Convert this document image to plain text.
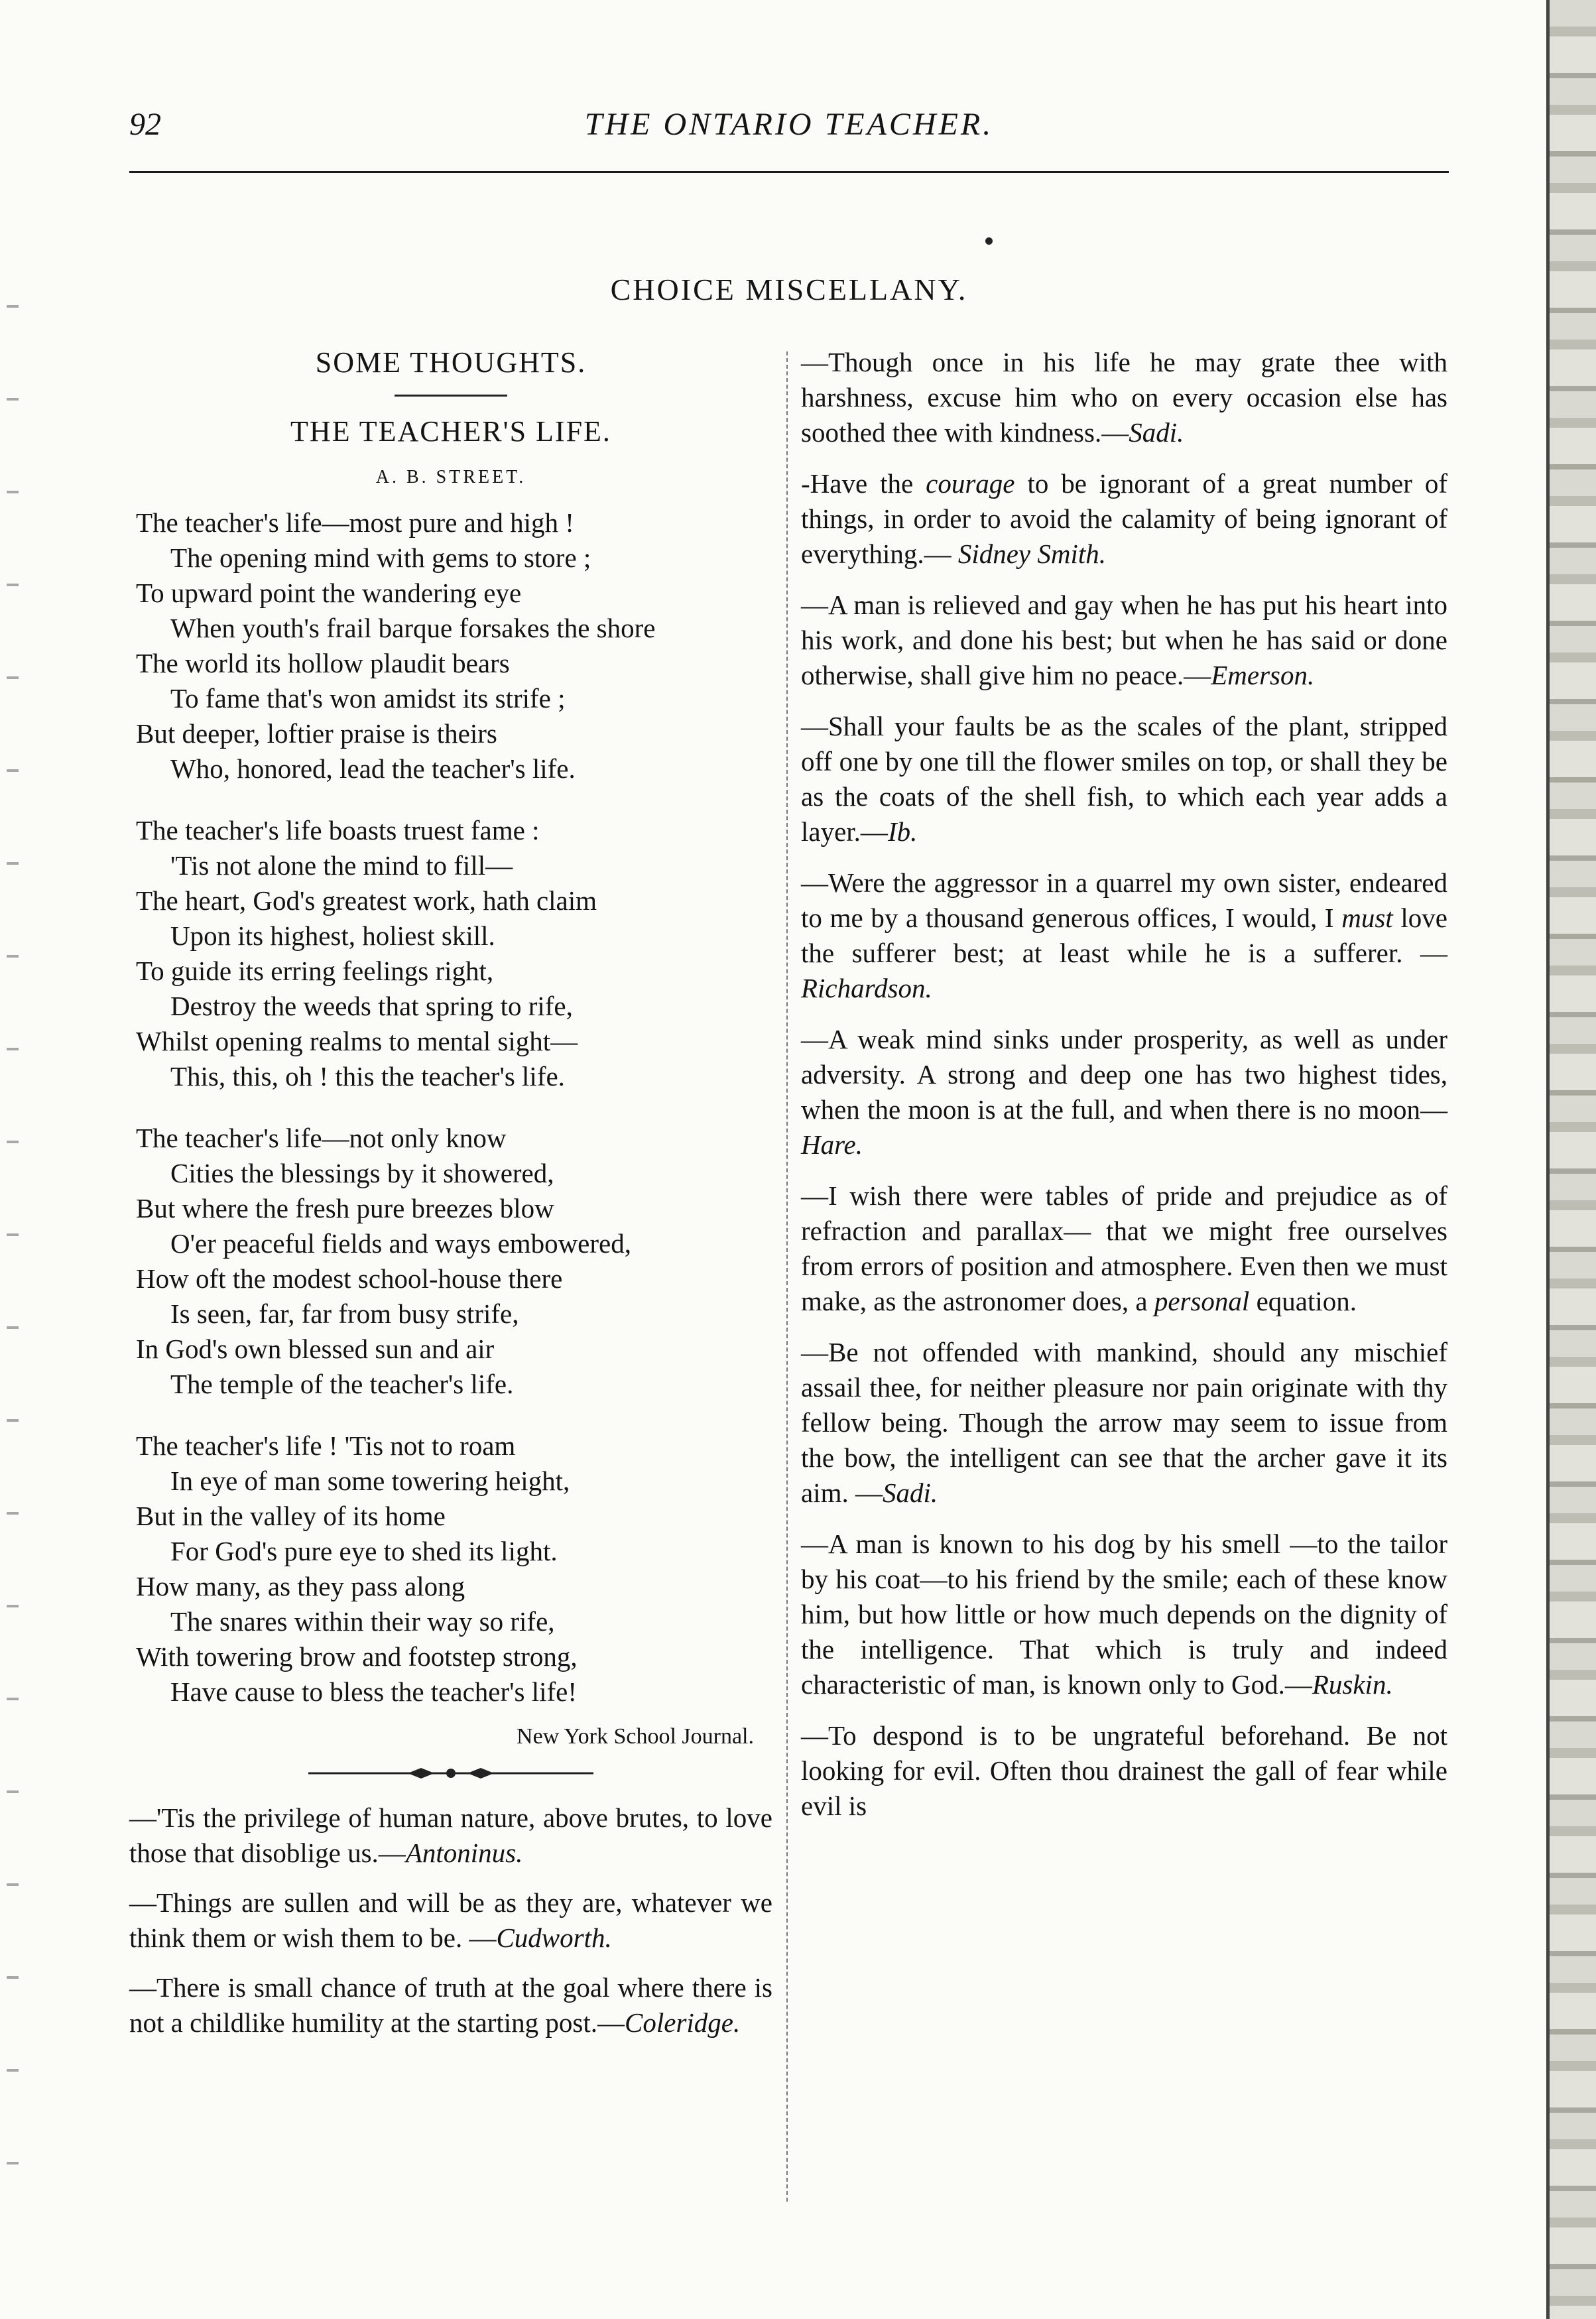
92	THE ONTARIO TEACHER.
CHOICE MISCELLANY.

SOME THOUGHTS.

THE TEACHER'S LIFE.

A. B. STREET.

The teacher's life—most pure and high !
The opening mind with gems to store ;
To upward point the wandering eye
When youth's frail barque forsakes the shore
The world its hollow plaudit bears
To fame that's won amidst its strife ;
But deeper, loftier praise is theirs
Who, honored, lead the teacher's life.
The teacher's life boasts truest fame :
'Tis not alone the mind to fill—
The heart, God's greatest work, hath claim
Upon its highest, holiest skill.
To guide its erring feelings right,
Destroy the weeds that spring to rife,
Whilst opening realms to mental sight—
This, this, oh ! this the teacher's life.
The teacher's life—not only know
Cities the blessings by it showered,
But where the fresh pure breezes blow
O'er peaceful fields and ways embowered,
How oft the modest school-house there
Is seen, far, far from busy strife,
In God's own blessed sun and air
The temple of the teacher's life.
The teacher's life ! 'Tis not to roam
In eye of man some towering height,
But in the valley of its home
For God's pure eye to shed its light.
How many, as they pass along
The snares within their way so rife,
With towering brow and footstep strong,
Have cause to bless the teacher's life!
New York School Journal.

—'Tis the privilege of human nature, above brutes, to love those that disoblige us.—Antoninus.

—Things are sullen and will be as they are, whatever we think them or wish them to be. —Cudworth.

—There is small chance of truth at the goal where there is not a childlike humility at the starting post.—Coleridge.

—Though once in his life he may grate thee with harshness, excuse him who on every occasion else has soothed thee with kindness.—Sadi.

-Have the courage to be ignorant of a great number of things, in order to avoid the calamity of being ignorant of everything.— Sidney Smith.

—A man is relieved and gay when he has put his heart into his work, and done his best; but when he has said or done otherwise, shall give him no peace.—Emerson.

—Shall your faults be as the scales of the plant, stripped off one by one till the flower smiles on top, or shall they be as the coats of the shell fish, to which each year adds a layer.—Ib.

—Were the aggressor in a quarrel my own sister, endeared to me by a thousand generous offices, I would, I must love the sufferer best; at least while he is a sufferer. —Richardson.

—A weak mind sinks under prosperity, as well as under adversity. A strong and deep one has two highest tides, when the moon is at the full, and when there is no moon— Hare.

—I wish there were tables of pride and prejudice as of refraction and parallax— that we might free ourselves from errors of position and atmosphere. Even then we must make, as the astronomer does, a personal equation.

—Be not offended with mankind, should any mischief assail thee, for neither pleasure nor pain originate with thy fellow being. Though the arrow may seem to issue from the bow, the intelligent can see that the archer gave it its aim. —Sadi.

—A man is known to his dog by his smell —to the tailor by his coat—to his friend by the smile; each of these know him, but how little or how much depends on the dignity of the intelligence. That which is truly and indeed characteristic of man, is known only to God.—Ruskin.

—To despond is to be ungrateful beforehand. Be not looking for evil. Often thou drainest the gall of fear while evil is
